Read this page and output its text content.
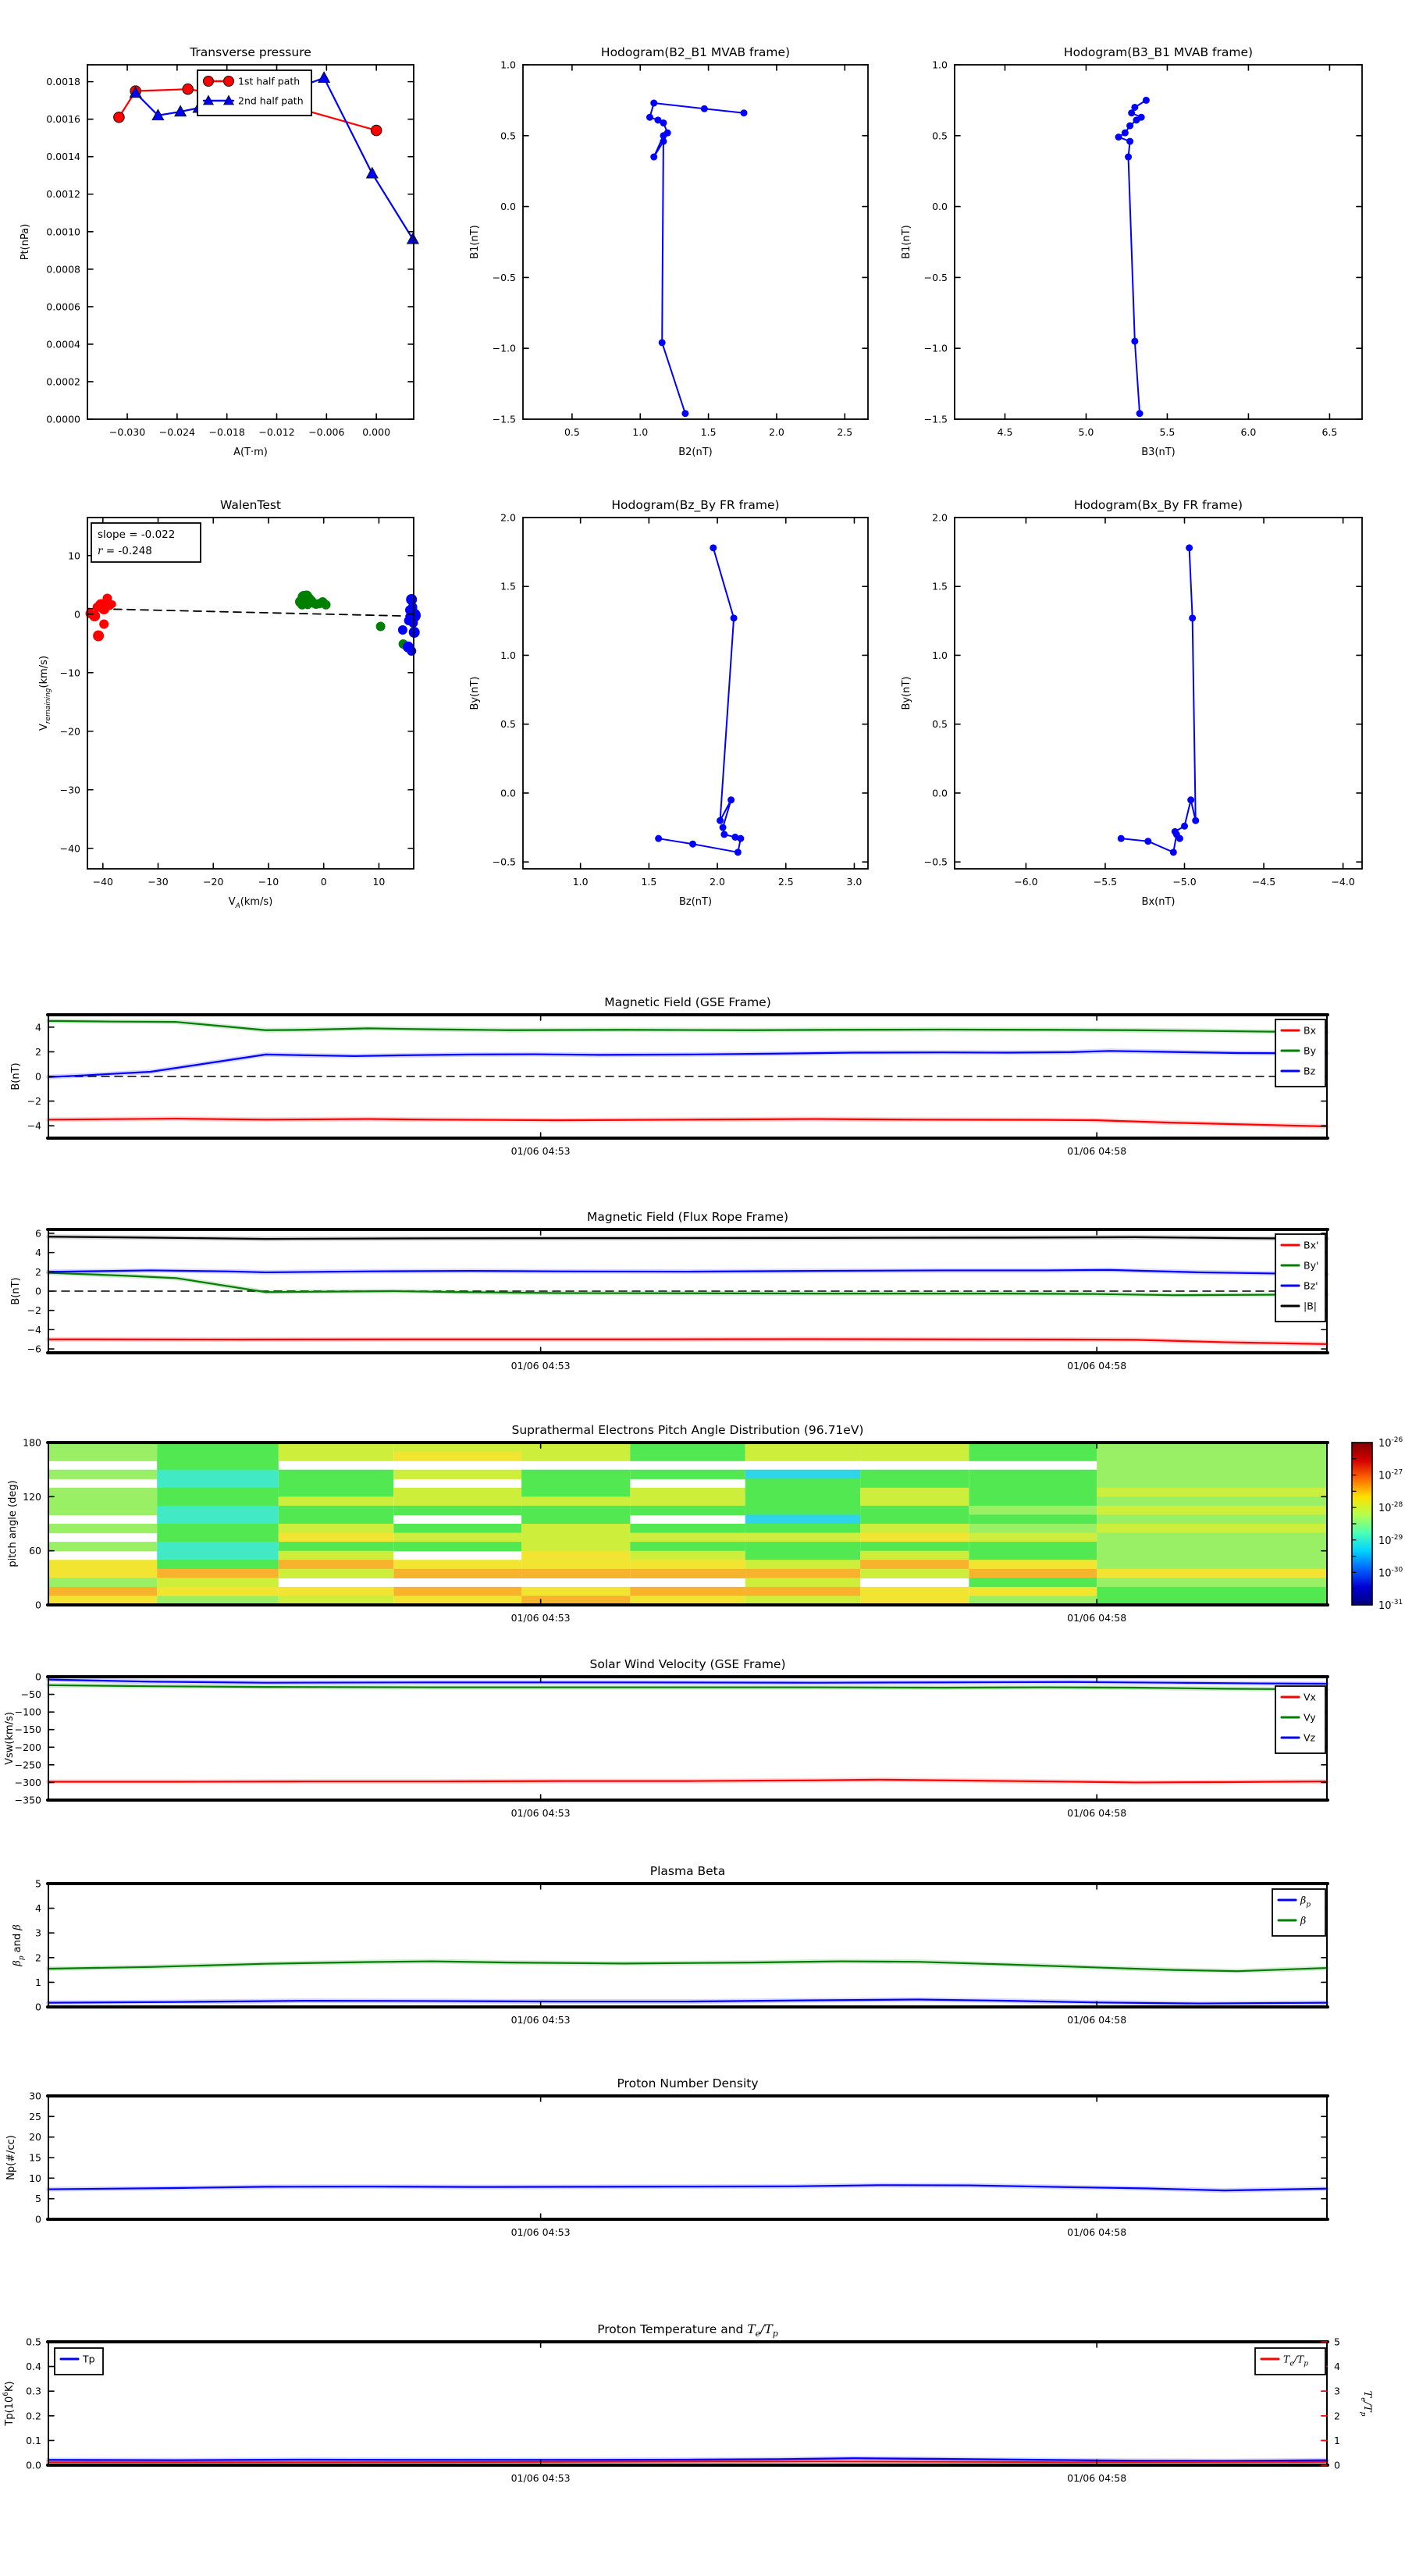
−0.030 −0.024 −0.018 −0.012 −0.006 0.000
0.0000
0.0002
0.0004
0.0006
0.0008
0.0010
0.0012
0.0014
0.0016
0.0018
Transverse pressure
A(T·m)
Pt(nPa)
1st half path
2nd half path
0.5	1.0	1.5	2.0	2.5
−1.5
−1.0
−0.5
0.0
0.5
1.0
Hodogram(B2_B1 MVAB frame)
B2(nT)
B1(nT)
4.5	5.0	5.5	6.0	6.5
−1.5
−1.0
−0.5
0.0
0.5
1.0
Hodogram(B3_B1 MVAB frame)
B3(nT)
B1(nT)
−40	−30	−20	−10	0	10
−40
−30
−20
−10
0
10
WalenTest
$V_A(km/s)$
$V_{remaining}(km/s)$
slope = -0.022
r = -0.248
1.0	1.5	2.0	2.5	3.0
−0.5
0.0
0.5
1.0
1.5
2.0
Hodogram(Bz_By FR frame)
Bz(nT)
By(nT)
−6.0	−5.5	−5.0	−4.5	−4.0
−0.5
0.0
0.5
1.0
1.5
2.0
Hodogram(Bx_By FR frame)
Bx(nT)
By(nT)
01/06 04:53	01/06 04:58
−4
−2
0
2
4
Magnetic Field (GSE Frame)
B(nT)
Bx
By
Bz
01/06 04:53	01/06 04:58
−6
−4
−2
0
2
4
6
Magnetic Field (Flux Rope Frame)
B(nT)
Bx'
By'
Bz'
|B|
01/06 04:53	01/06 04:58
0
60
120
180
Suprathermal Electrons Pitch Angle Distribution (96.71eV)
pitch angle (deg)
$10^{-26}$
$10^{-27}$
$10^{-28}$
$10^{-29}$
$10^{-30}$
$10^{-31}$
01/06 04:53	01/06 04:58
0
−50
−100
−150
−200
−250
−300
−350
Solar Wind Velocity (GSE Frame)
Vsw(km/s)
Vx
Vy
Vz
01/06 04:53	01/06 04:58
0
1
2
3
4
5
Plasma Beta
$\beta_p$ and β
$\beta_p$
β
01/06 04:53	01/06 04:58
0
5
10
15
20
25
30
Proton Number Density
Np(#/cc)
01/06 04:53	01/06 04:58
0.0
0.1
0.2
0.3
0.4
0.5
0
1
2
3
4
5
$T_e/T_p$
Proton Temperature and $T_e/T_p$
$Tp(10^6K)$
Tp	$T_e/T_p$
